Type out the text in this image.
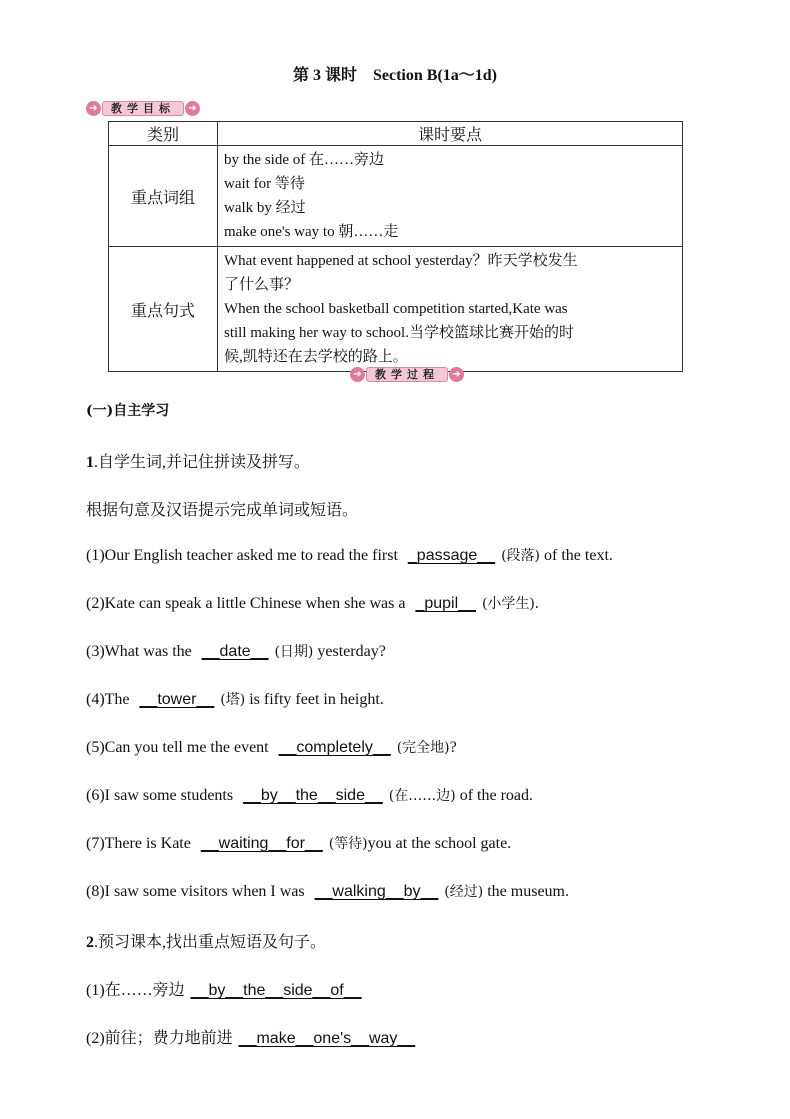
第 3 课时 Section B(1a～1d)
➔	教学目标	➔
类别	课时要点
重点词组	by the side of 在……旁边
wait for 等待
walk by 经过
make one's way to 朝……走

重点句式	What event happened at school yesterday？昨天学校发生
了什么事？
When the school basketball competition started,Kate was
still making her way to school.当学校篮球比赛开始的时
候,凯特还在去学校的路上。
➔	教学过程	➔
(一)自主学习
1.自学生词,并记住拼读及拼写。
根据句意及汉语提示完成单词或短语。
(1)Our English teacher asked me to read the first _passage__ (段落) of the text.
(2)Kate can speak a little Chinese when she was a _pupil__ (小学生).
(3)What was the __date__ (日期) yesterday?
(4)The __tower__ (塔) is fifty feet in height.
(5)Can you tell me the event __completely__ (完全地)?
(6)I saw some students __by__the__side__ (在……边) of the road.
(7)There is Kate __waiting__for__ (等待)you at the school gate.
(8)I saw some visitors when I was __walking__by__ (经过) the museum.
2.预习课本,找出重点短语及句子。
(1)在……旁边 __by__the__side__of__
(2)前往；费力地前进 __make__one's__way__
